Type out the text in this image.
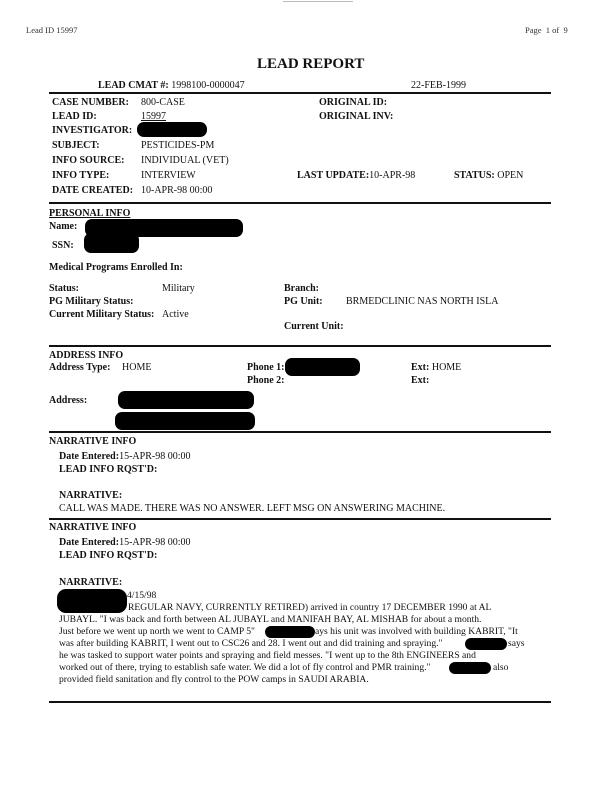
Lead ID 15997	Page 1 of 9
LEAD REPORT
LEAD CMAT #: 1998100-0000047	22-FEB-1999
CASE NUMBER: 800-CASE
LEAD ID:	15997
INVESTIGATOR:
SUBJECT:	PESTICIDES-PM
INFO SOURCE: INDIVIDUAL (VET)
INFO TYPE:	INTERVIEW
DATE CREATED: 10-APR-98 00:00
ORIGINAL ID:
ORIGINAL INV:
LAST UPDATE:10-APR-98	STATUS: OPEN
PERSONAL INFO
Name:
SSN:
Medical Programs Enrolled In:
Status:	Military
PG Military Status:
Current Military Status: Active
Branch:
PG Unit: BRMEDCLINIC NAS NORTH ISLA
Current Unit:
ADDRESS INFO
Address Type: HOME	Phone 1:
Phone 2:
Ext: HOME
Ext:
Address:
NARRATIVE INFO
Date Entered:15-APR-98 00:00
LEAD INFO RQST'D:
NARRATIVE:
CALL WAS MADE. THERE WAS NO ANSWER. LEFT MSG ON ANSWERING MACHINE.
NARRATIVE INFO
Date Entered:15-APR-98 00:00
LEAD INFO RQST'D:
NARRATIVE:
4/15/98
REGULAR NAVY, CURRENTLY RETIRED) arrived in country 17 DECEMBER 1990 at AL
JUBAYL. "I was back and forth between AL JUBAYL and MANIFAH BAY, AL MISHAB for about a month.
Just before we went up north we went to CAMP 5"	ays his unit was involved with building KABRIT, "It
was after building KABRIT, I went out to CSC26 and 28. I went out and did training and spraying."	says
he was tasked to support water points and spraying and field messes. "I went up to the 8th ENGINEERS and
worked out of there, trying to establish safe water. We did a lot of fly control and PMR training."	also
provided field sanitation and fly control to the POW camps in SAUDI ARABIA.
